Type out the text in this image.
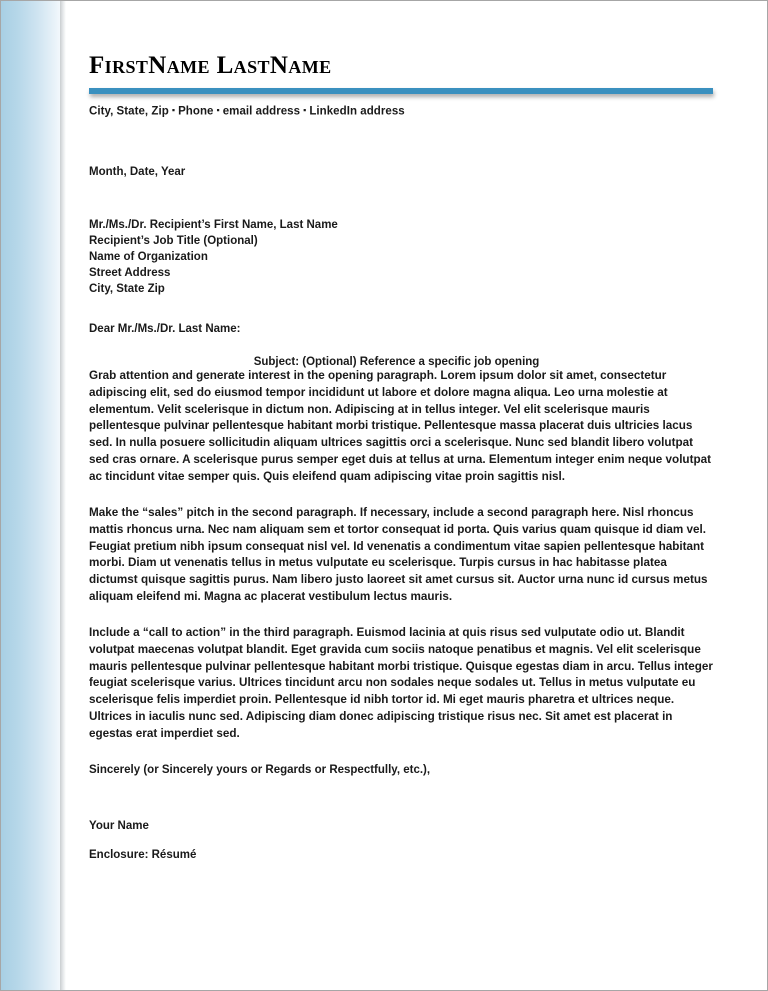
FirstName LastName
City, State, Zip ▪ Phone ▪ email address ▪ LinkedIn address
Month, Date, Year
Mr./Ms./Dr. Recipient’s First Name, Last Name
Recipient’s Job Title (Optional)
Name of Organization
Street Address
City, State Zip
Dear Mr./Ms./Dr. Last Name:
Subject: (Optional) Reference a specific job opening

Grab attention and generate interest in the opening paragraph. Lorem ipsum dolor sit amet, consectetur adipiscing elit, sed do eiusmod tempor incididunt ut labore et dolore magna aliqua. Leo urna molestie at elementum. Velit scelerisque in dictum non. Adipiscing at in tellus integer. Vel elit scelerisque mauris pellentesque pulvinar pellentesque habitant morbi tristique. Pellentesque massa placerat duis ultricies lacus sed. In nulla posuere sollicitudin aliquam ultrices sagittis orci a scelerisque. Nunc sed blandit libero volutpat sed cras ornare. A scelerisque purus semper eget duis at tellus at urna. Elementum integer enim neque volutpat ac tincidunt vitae semper quis. Quis eleifend quam adipiscing vitae proin sagittis nisl.

Make the “sales” pitch in the second paragraph. If necessary, include a second paragraph here. Nisl rhoncus mattis rhoncus urna. Nec nam aliquam sem et tortor consequat id porta. Quis varius quam quisque id diam vel. Feugiat pretium nibh ipsum consequat nisl vel. Id venenatis a condimentum vitae sapien pellentesque habitant morbi. Diam ut venenatis tellus in metus vulputate eu scelerisque. Turpis cursus in hac habitasse platea dictumst quisque sagittis purus. Nam libero justo laoreet sit amet cursus sit. Auctor urna nunc id cursus metus aliquam eleifend mi. Magna ac placerat vestibulum lectus mauris.

Include a “call to action” in the third paragraph. Euismod lacinia at quis risus sed vulputate odio ut. Blandit volutpat maecenas volutpat blandit. Eget gravida cum sociis natoque penatibus et magnis. Vel elit scelerisque mauris pellentesque pulvinar pellentesque habitant morbi tristique. Quisque egestas diam in arcu. Tellus integer feugiat scelerisque varius. Ultrices tincidunt arcu non sodales neque sodales ut. Tellus in metus vulputate eu scelerisque felis imperdiet proin. Pellentesque id nibh tortor id. Mi eget mauris pharetra et ultrices neque. Ultrices in iaculis nunc sed. Adipiscing diam donec adipiscing tristique risus nec. Sit amet est placerat in egestas erat imperdiet sed.

Sincerely (or Sincerely yours or Regards or Respectfully, etc.),
Your Name
Enclosure: Résumé
